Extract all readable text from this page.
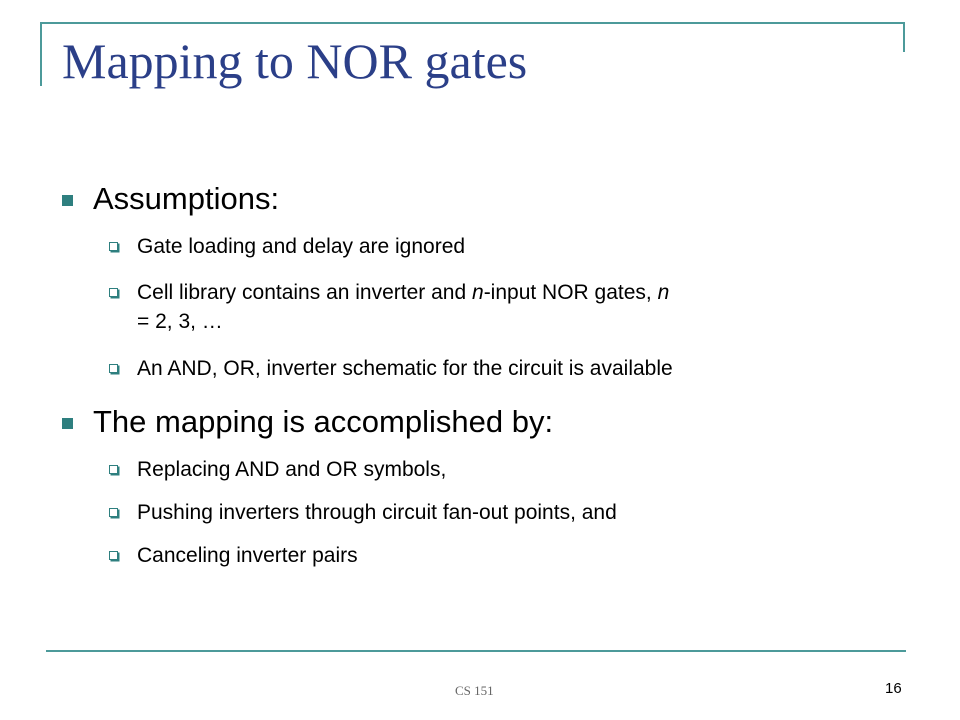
Mapping to NOR gates
Assumptions:
Gate loading and delay are ignored
Cell library contains an inverter and n-input NOR gates, n
= 2, 3, …
An AND, OR, inverter schematic for the circuit is available
The mapping is accomplished by:
Replacing AND and OR symbols,
Pushing inverters through circuit fan-out points, and
Canceling inverter pairs
CS 151	16
